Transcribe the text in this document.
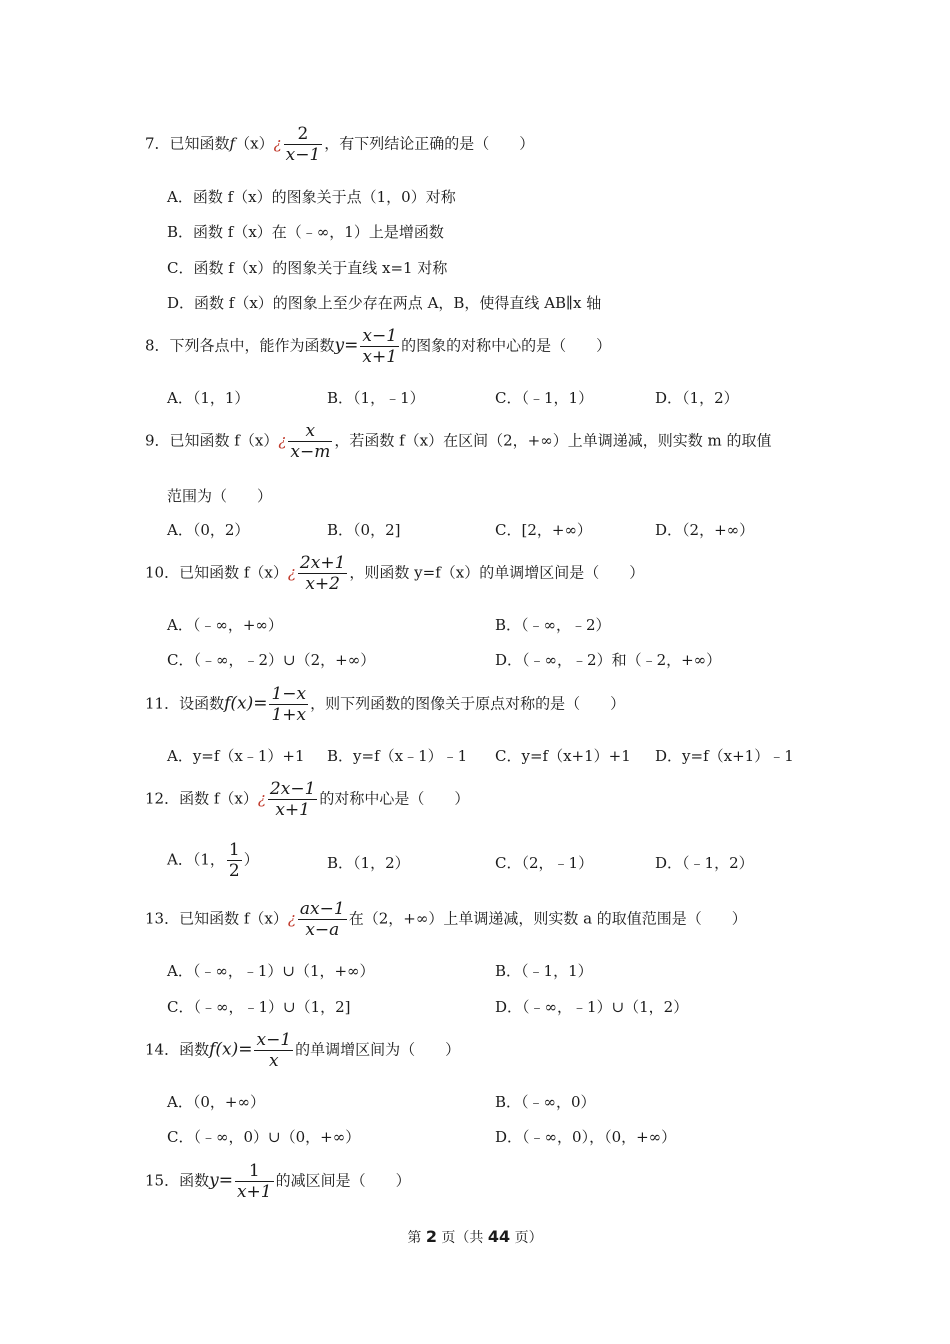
7．已知函数f（x）¿ $\frac{2}{x-1}$ ，有下列结论正确的是（　　）
A．函数 f（x）的图象关于点（1，0）对称
B．函数 f（x）在（﹣∞，1）上是增函数
C．函数 f（x）的图象关于直线 x=1 对称
D．函数 f（x）的图象上至少存在两点 A，B，使得直线 AB∥x 轴
8．下列各点中，能作为函数$y= \frac{x-1}{x+1}$ 的图象的对称中心的是（　　）
A．（1，1）	B．（1，﹣1）	C．（﹣1，1）	D．（1，2）
9．已知函数 f（x）¿ $\frac{x}{x-m}$ ，若函数 f（x）在区间（2，+∞）上单调递减，则实数 m 的取值
范围为（　　）
A．（0，2）	B．（0，2]	C．[2，+∞）	D．（2，+∞）
10．已知函数 f（x）¿ $\frac{2x+1}{x+2}$ ，则函数 y=f（x）的单调增区间是（　　）
A．（﹣∞，+∞）	B．（﹣∞，﹣2）
C．（﹣∞，﹣2）∪（2，+∞）	D．（﹣∞，﹣2）和（﹣2，+∞）
11．设函数$f(x)= \frac{1-x}{1+x}$ ，则下列函数的图像关于原点对称的是（　　）
A．y=f（x﹣1）+1 B．y=f（x﹣1）﹣1 C．y=f（x+1）+1 D．y=f（x+1）﹣1
12．函数 f（x）¿ $\frac{2x-1}{x+1}$ 的对称中心是（　　）
A．（1， $\frac{1}{2}$ ）	B．（1，2）	C．（2，﹣1）	D．（﹣1，2）
13．已知函数 f（x）¿ $\frac{ax-1}{x-a}$ 在（2，+∞）上单调递减，则实数 a 的取值范围是（　　）
A．（﹣∞，﹣1）∪（1，+∞）	B．（﹣1，1）
C．（﹣∞，﹣1）∪（1，2]	D．（﹣∞，﹣1）∪（1，2）
14．函数$f(x)= \frac{x-1}{x}$ 的单调增区间为（　　）
A．（0，+∞）	B．（﹣∞，0）
C．（﹣∞，0）∪（0，+∞）	D．（﹣∞，0），（0，+∞）
15．函数$y= \frac{1}{x+1}$ 的减区间是（　　）
第 2 页（共 44 页）
